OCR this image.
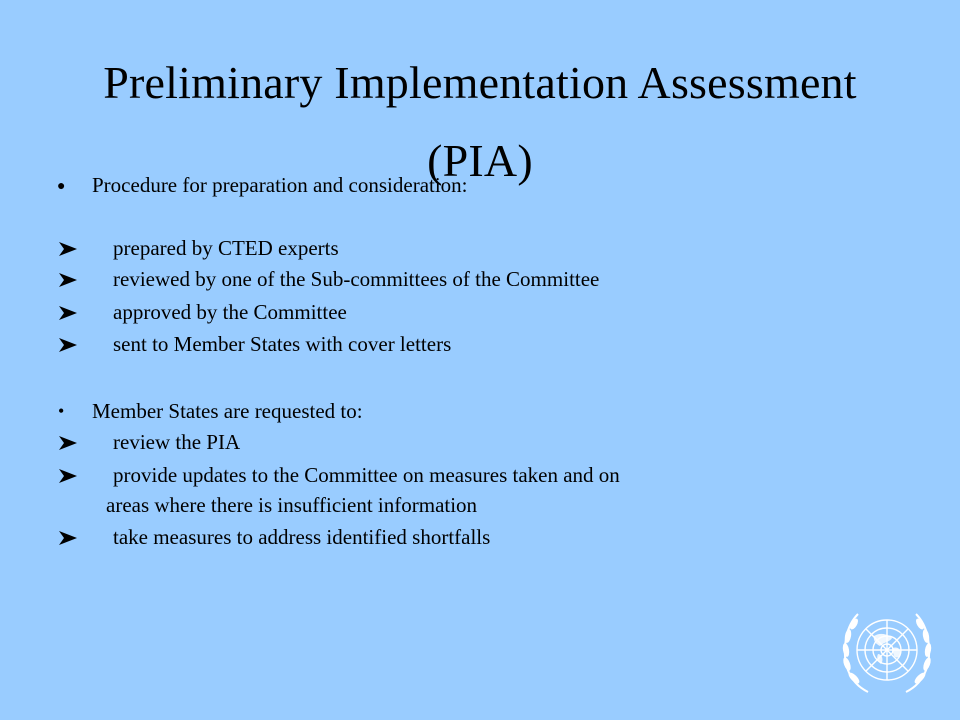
Preliminary Implementation Assessment
(PIA)
● Procedure for preparation and consideration:
prepared by CTED experts
reviewed by one of the Sub-committees of the Committee
approved by the Committee
sent to Member States with cover letters
• Member States are requested to:
review the PIA
provide updates to the Committee on measures taken and on
areas where there is insufficient information
take measures to address identified shortfalls
